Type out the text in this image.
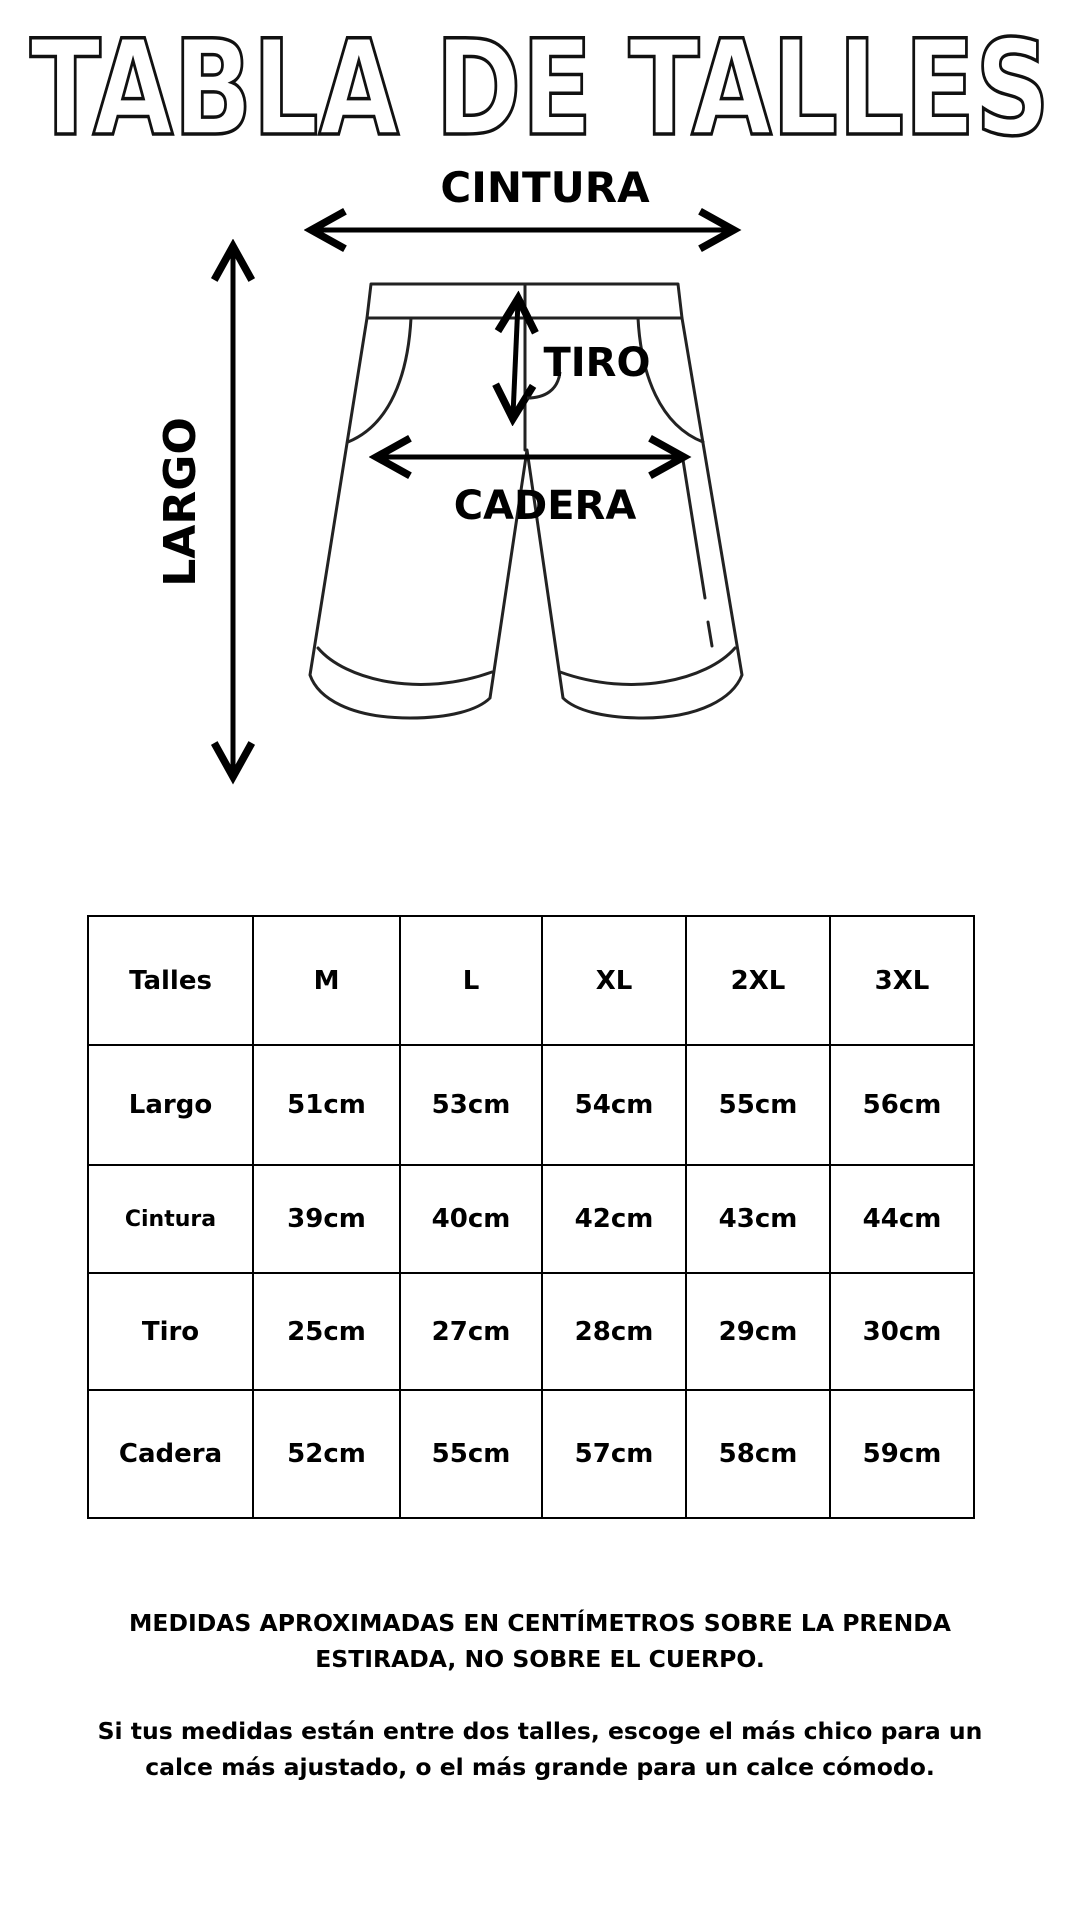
TABLA DE TALLES
CINTURA
LARGO
TIRO
CADERA
Talles	M	L	XL	2XL	3XL
Largo	51cm	53cm	54cm	55cm	56cm
Cintura	39cm	40cm	42cm	43cm	44cm
Tiro	25cm	27cm	28cm	29cm	30cm
Cadera	52cm	55cm	57cm	58cm	59cm

MEDIDAS APROXIMADAS EN CENTÍMETROS SOBRE LA PRENDA ESTIRADA, NO SOBRE EL CUERPO.

Si tus medidas están entre dos talles, escoge el más chico para un calce más ajustado, o el más grande para un calce cómodo.
